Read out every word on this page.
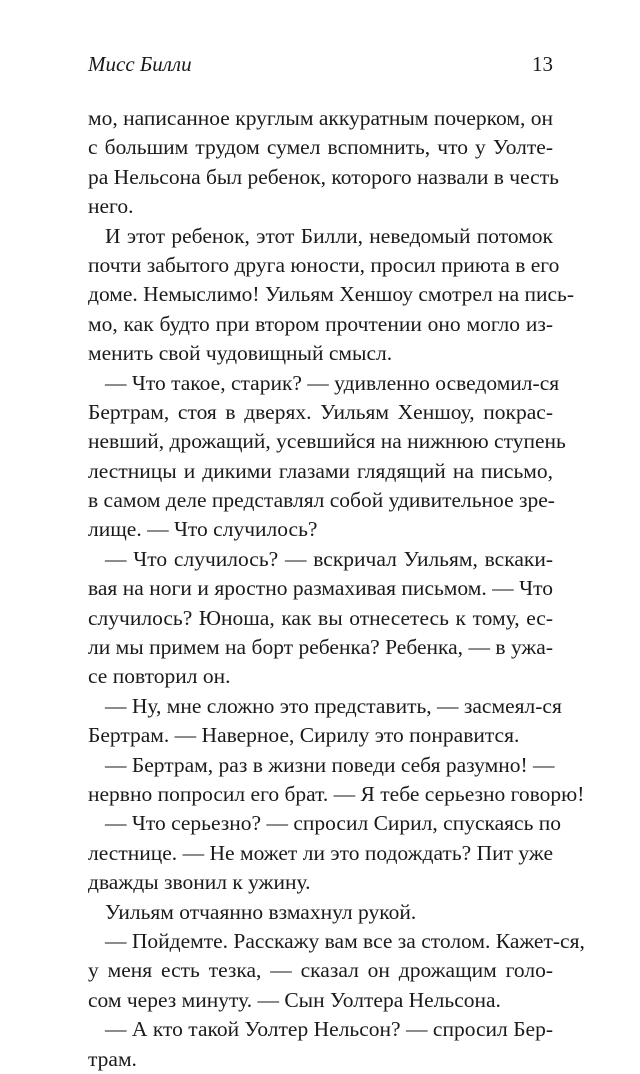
Мисс Билли	13
мо, написанное круглым аккуратным почерком, он
с большим трудом сумел вспомнить, что у Уолте-
ра Нельсона был ребенок, которого назвали в честь
него.
И этот ребенок, этот Билли, неведомый потомок
почти забытого друга юности, просил приюта в его
доме. Немыслимо! Уильям Хеншоу смотрел на пись-
мо, как будто при втором прочтении оно могло из-
менить свой чудовищный смысл.
— Что такое, старик? — удивленно осведомил-ся
Бертрам, стоя в дверях. Уильям Хеншоу, покрас-
невший, дрожащий, усевшийся на нижнюю ступень
лестницы и дикими глазами глядящий на письмо,
в самом деле представлял собой удивительное зре-
лище. — Что случилось?
— Что случилось? — вскричал Уильям, вскаки-
вая на ноги и яростно размахивая письмом. — Что
случилось? Юноша, как вы отнесетесь к тому, ес-
ли мы примем на борт ребенка? Ребенка, — в ужа-
се повторил он.
— Ну, мне сложно это представить, — засмеял-ся
Бертрам. — Наверное, Сирилу это понравится.
— Бертрам, раз в жизни поведи себя разумно! —
нервно попросил его брат. — Я тебе серьезно говорю!
— Что серьезно? — спросил Сирил, спускаясь по
лестнице. — Не может ли это подождать? Пит уже
дважды звонил к ужину.
Уильям отчаянно взмахнул рукой.
— Пойдемте. Расскажу вам все за столом. Кажет-ся,
у меня есть тезка, — сказал он дрожащим голо-
сом через минуту. — Сын Уолтера Нельсона.
— А кто такой Уолтер Нельсон? — спросил Бер-
трам.
